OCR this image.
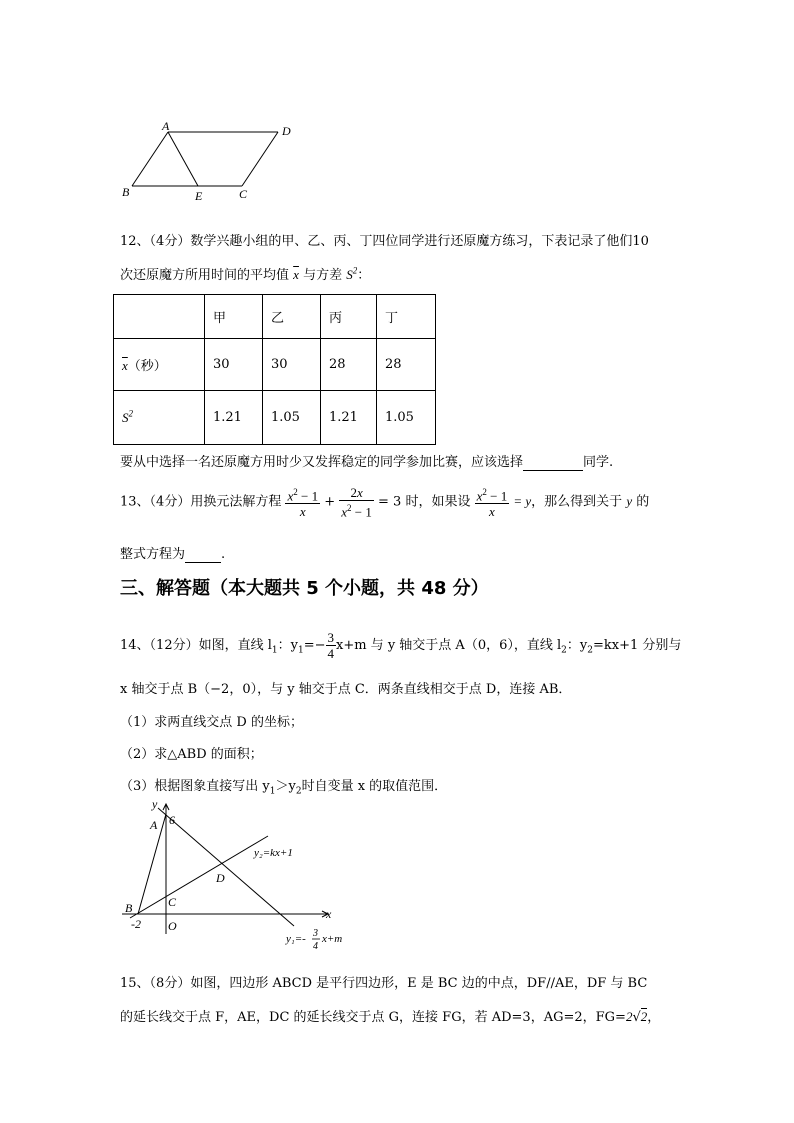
A	D
B	E	C
12、（4分）数学兴趣小组的甲、乙、丙、丁四位同学进行还原魔方练习，下表记录了他们10
次还原魔方所用时间的平均值 $\overline{x}$ 与方差 $S^2$：
	甲	乙	丙	丁
$\overline{x}$（秒）	30	30	28	28
$S^2$	1.21	1.05	1.21	1.05
要从中选择一名还原魔方用时少又发挥稳定的同学参加比赛，应该选择	同学.
13、（4分）用换元法解方程 $\frac{x^2 - 1}{x} + \frac{2x}{x^2 - 1} = 3$ 时，如果设 $\frac{x^2 - 1}{x} = y$，那么得到关于 y 的
整式方程为	.
三、解答题（本大题共 5 个小题，共 48 分）
14、（12分）如图，直线 $l_1$：$y_1=- \frac{3}{4} x+m$ 与 y 轴交于点 A（0，6），直线 $l_2$：$y_2=kx+1$ 分别与
x 轴交于点 B（−2，0），与 y 轴交于点 C．两条直线相交于点 D，连接 AB．
（1）求两直线交点 D 的坐标；
（2）求△ABD 的面积；
（3）根据图象直接写出 $y_1>y_2$时自变量 x 的取值范围．
y
x
A 6
B
-2
C
O
D
y₂=kx+1
y₁=- 3
4
x+m
15、（8分）如图，四边形 ABCD 是平行四边形，E 是 BC 边的中点，DF//AE，DF 与 BC
的延长线交于点 F，AE，DC 的延长线交于点 G，连接 FG，若 AD=3，AG=2，FG=2√2，
